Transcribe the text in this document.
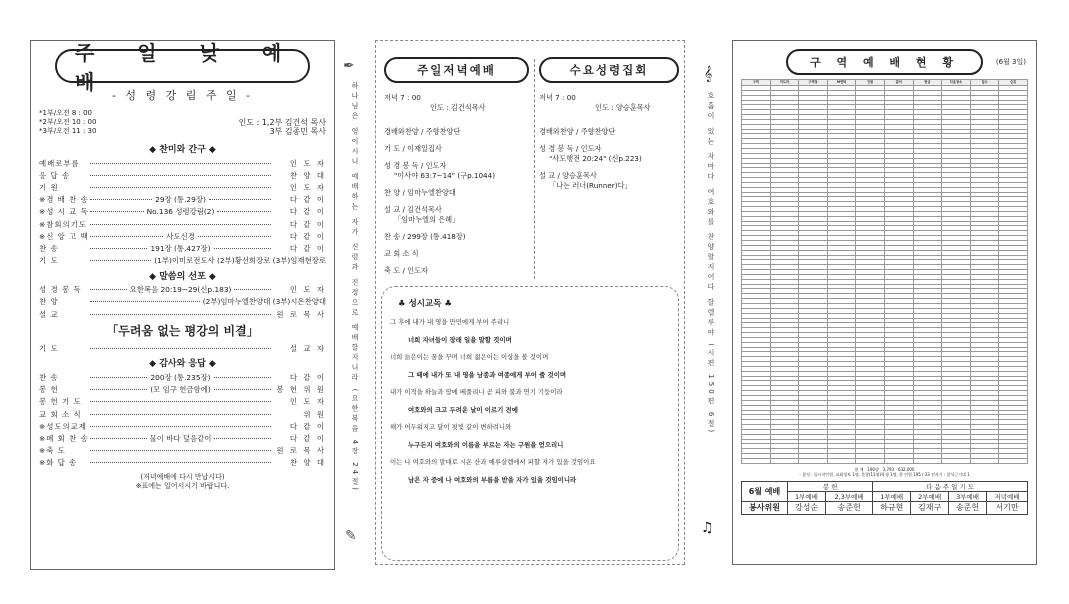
주 일 낮 예 배
- 성 령 강 림 주 일 -
*1부/오전 8 : 00
*2부/오전 10 : 00
*3부/오전 11 : 30
인도 : 1,2부 김건석 목사
3부 김종민 목사
◆ 찬미와 간구 ◆
예배로부름	인 도 자
응 답 송	찬 양 대
기 원	인 도 자
※경 배 찬 송	29장 (통.29장)	다 같 이
※성 시 교 독	No.136 성령강림(2)	다 같 이
※참회의기도	다 같 이
※신 앙 고 백	사도신경	다 같 이
찬 송	191장 (통.427장)	다 같 이
기 도	(1부)이미로전도사 (2부)황선희장로 (3부)임재현장로
◆ 말씀의 선포 ◆
성 경 봉 독	요한복음 20:19~29(신p.183)	인 도 자
찬 양	(2부)임마누엘찬양대 (3부)시온찬양대
설 교	원 로 목 사
「두려움 없는 평강의 비결」
기 도	설 교 자
◆ 감사와 응답 ◆
찬 송	200장 (통.235장)	다 같 이
봉 헌	(모 임구 헌금함에)	봉 헌 위 원
봉 헌 기 도	인 도 자
교 회 소 식	위 원
※성도의교제	다 같 이
※폐 회 찬 송	물이 바다 덮음같이	다 같 이
※축 도	원 로 목 사
※화 답 송	찬 양 대
(저녁예배에 다시 만납시다)
※표에는 일어서시기 바랍니다.
✒
하나님은 영이시니 예배하는 자가 신령과 진정으로 예배할지니라 (요한복음 4장 24절)
✎
주일저녁예배
저녁 7 : 00
인도 : 김건석목사
경배와찬양 / 주향찬양단
기 도 / 이재일집사
성 경 봉 독 / 인도자
"이사야 63:7~14" (구p.1044)
찬 양 / 임마누엘찬양대
설 교 / 김건석목사
「임마누엘의 은혜」
찬 송 / 299장 (통.418장)
교 회 소 식
축 도 / 인도자
수요성령집회
저녁 7 : 00
인도 : 양승훈목사
경배와찬양 / 주향찬양단
성 경 봉 독 / 인도자
"사도행전 20:24" (신p.223)
설 교 / 양승훈목사
「나는 러너(Runner)다」
♣ 성시교독 ♣
그 후에 내가 내 영을 만민에게 부어 주리니
너희 자녀들이 장래 일을 말할 것이며
너희 늙은이는 꿈을 꾸며 너희 젊은이는 이상을 볼 것이며
그 때에 내가 또 내 영을 남종과 여종에게 부어 줄 것이며
내가 이적을 하늘과 땅에 베풀리니 곧 피와 불과 연기 기둥이라
여호와의 크고 두려운 날이 이르기 전에
해가 어두워지고 달이 핏빛 같이 변하려니와
누구든지 여호와의 이름을 부르는 자는 구원을 얻으리니
이는 나 여호와의 말대로 시온 산과 예루살렘에서 피할 자가 있을 것임이요
남은 자 중에 나 여호와의 부름을 받을 자가 있을 것임이니라
𝄞
호흡이 있는 자마다 여호와를 찬양할지어다 할렐루야 (시편 150편 6절)
♫
구 역 예 배 현 황	(6월 3일)
구역	지도자	구역장	M연락	인원	출석	헌금	다음장소	집수	순위

합 계 196명 3,793 632,000
- 참석 : 틀시작인원, 교회정보 1명, 불참(11명)학생 1명, 총 인원 195 / 33 전자기 : 참석근거대 1
6월 예배	봉 헌		다 음 주 일 기 도			
	1부예배	2,3부예배	1부예배	2부예배	3부예배	저녁예배
봉사위원	강성순	송준헌	하규현	김재구	송준헌	서기만
